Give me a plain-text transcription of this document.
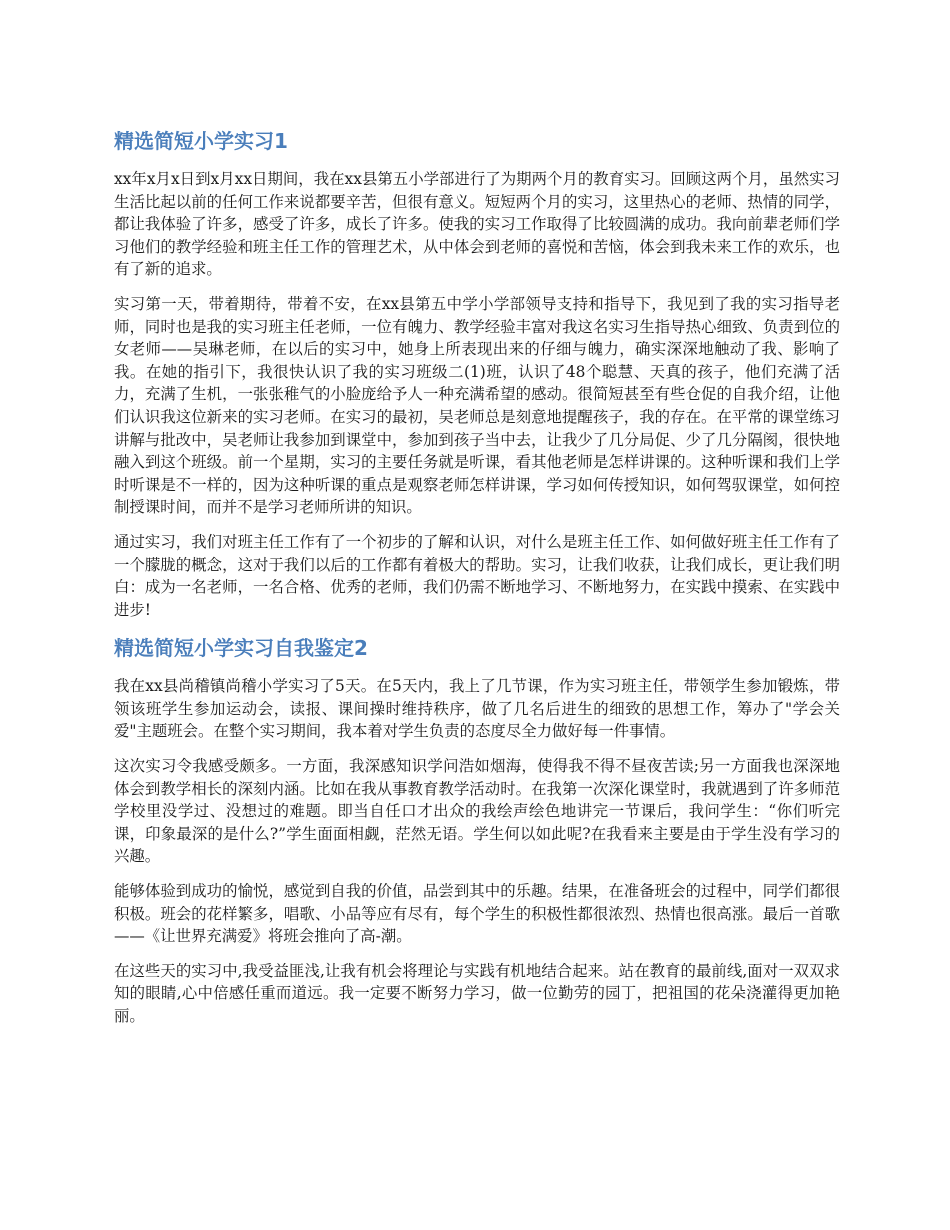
精选简短小学实习1

xx年x月x日到x月xx日期间，我在xx县第五小学部进行了为期两个月的教育实习。回顾这两个月，虽然实习生活比起以前的任何工作来说都要辛苦，但很有意义。短短两个月的实习，这里热心的老师、热情的同学，都让我体验了许多，感受了许多，成长了许多。使我的实习工作取得了比较圆满的成功。我向前辈老师们学习他们的教学经验和班主任工作的管理艺术，从中体会到老师的喜悦和苦恼，体会到我未来工作的欢乐，也有了新的追求。

实习第一天，带着期待，带着不安，在xx县第五中学小学部领导支持和指导下，我见到了我的实习指导老师，同时也是我的实习班主任老师，一位有魄力、教学经验丰富对我这名实习生指导热心细致、负责到位的女老师——吴琳老师，在以后的实习中，她身上所表现出来的仔细与魄力，确实深深地触动了我、影响了我。在她的指引下，我很快认识了我的实习班级二(1)班，认识了48个聪慧、天真的孩子，他们充满了活力，充满了生机，一张张稚气的小脸庞给予人一种充满希望的感动。很简短甚至有些仓促的自我介绍，让他们认识我这位新来的实习老师。在实习的最初，吴老师总是刻意地提醒孩子，我的存在。在平常的课堂练习讲解与批改中，吴老师让我参加到课堂中，参加到孩子当中去，让我少了几分局促、少了几分隔阂，很快地融入到这个班级。前一个星期，实习的主要任务就是听课，看其他老师是怎样讲课的。这种听课和我们上学时听课是不一样的，因为这种听课的重点是观察老师怎样讲课，学习如何传授知识，如何驾驭课堂，如何控制授课时间，而并不是学习老师所讲的知识。

通过实习，我们对班主任工作有了一个初步的了解和认识，对什么是班主任工作、如何做好班主任工作有了一个朦胧的概念，这对于我们以后的工作都有着极大的帮助。实习，让我们收获，让我们成长，更让我们明白：成为一名老师，一名合格、优秀的老师，我们仍需不断地学习、不断地努力，在实践中摸索、在实践中进步!

精选简短小学实习自我鉴定2

我在xx县尚稽镇尚稽小学实习了5天。在5天内，我上了几节课，作为实习班主任，带领学生参加锻炼，带领该班学生参加运动会，读报、课间操时维持秩序，做了几名后进生的细致的思想工作，筹办了"学会关爱"主题班会。在整个实习期间，我本着对学生负责的态度尽全力做好每一件事情。

这次实习令我感受颇多。一方面，我深感知识学问浩如烟海，使得我不得不昼夜苦读;另一方面我也深深地体会到教学相长的深刻内涵。比如在我从事教育教学活动时。在我第一次深化课堂时，我就遇到了许多师范学校里没学过、没想过的难题。即当自任口才出众的我绘声绘色地讲完一节课后，我问学生：“你们听完课，印象最深的是什么?”学生面面相觑，茫然无语。学生何以如此呢?在我看来主要是由于学生没有学习的兴趣。

能够体验到成功的愉悦，感觉到自我的价值，品尝到其中的乐趣。结果，在准备班会的过程中，同学们都很积极。班会的花样繁多，唱歌、小品等应有尽有，每个学生的积极性都很浓烈、热情也很高涨。最后一首歌——《让世界充满爱》将班会推向了高-潮。

在这些天的实习中,我受益匪浅,让我有机会将理论与实践有机地结合起来。站在教育的最前线,面对一双双求知的眼睛,心中倍感任重而道远。我一定要不断努力学习，做一位勤劳的园丁，把祖国的花朵浇灌得更加艳丽。
